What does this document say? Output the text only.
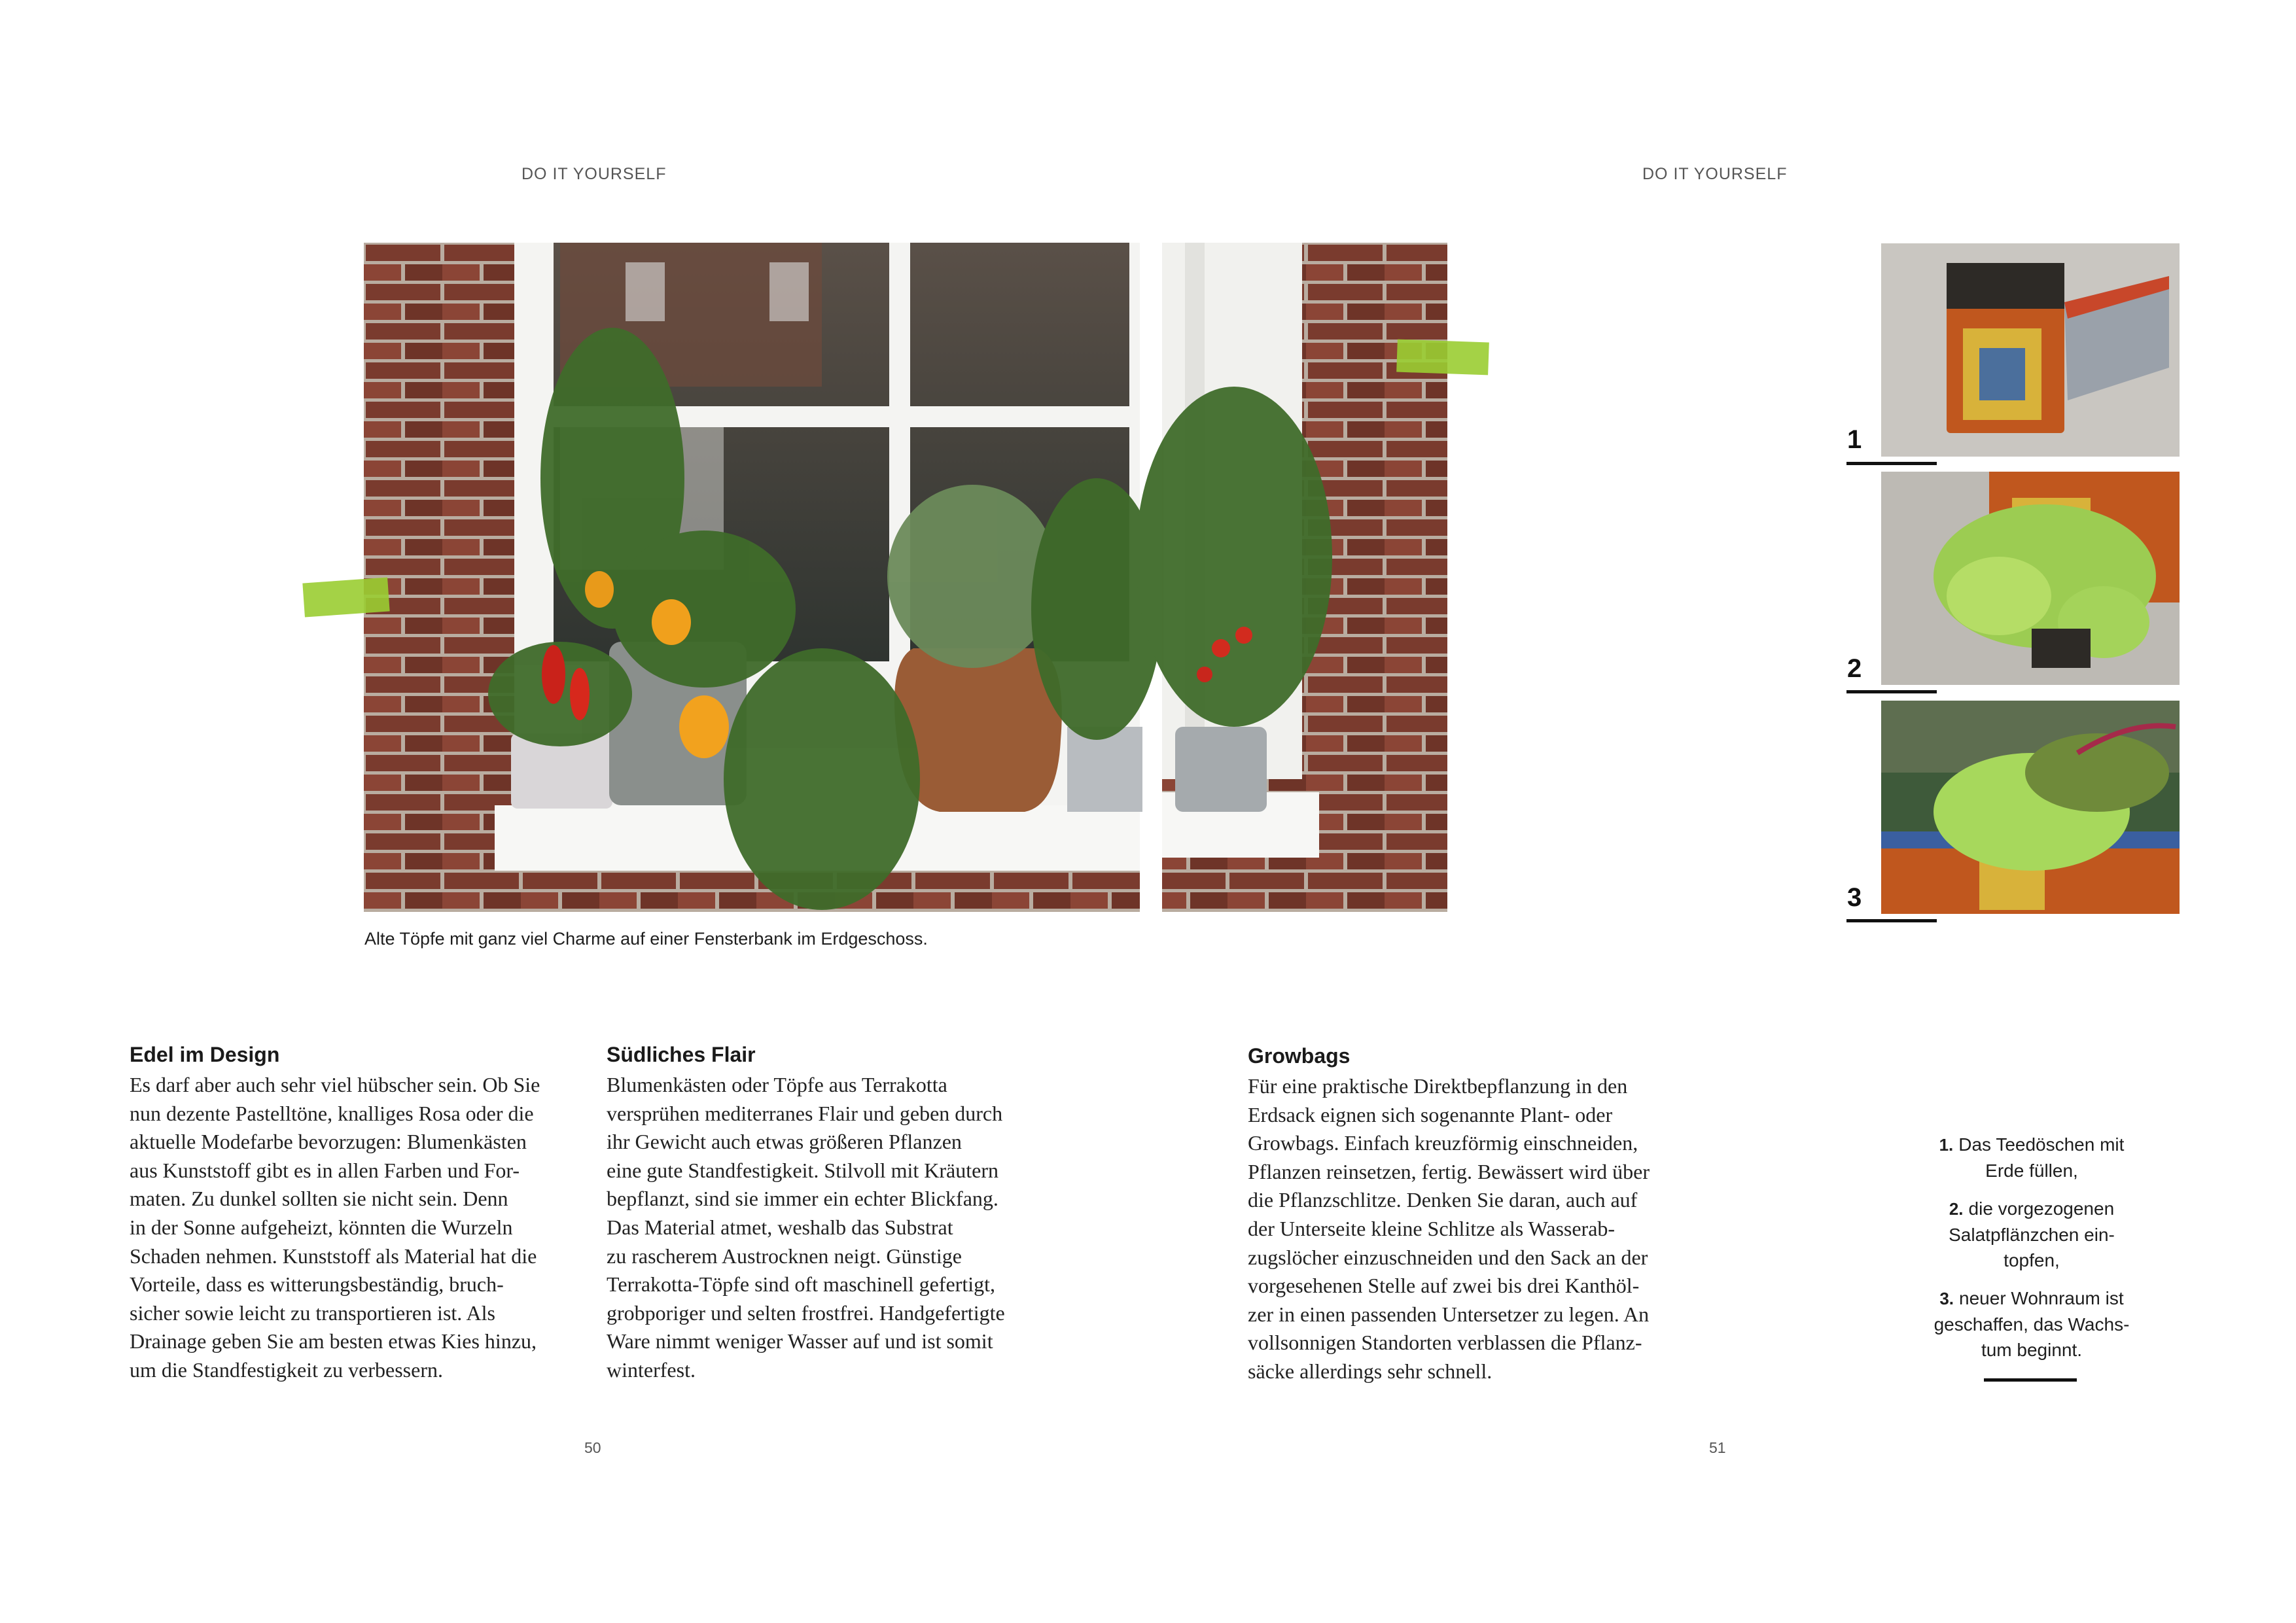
DO IT YOURSELF
Alte Töpfe mit ganz viel Charme auf einer Fensterbank im Erdgeschoss.
Edel im Design
Es darf aber auch sehr viel hübscher sein. Ob Sie
nun dezente Pastelltöne, knalliges Rosa oder die
aktuelle Modefarbe bevorzugen: Blumenkästen
aus Kunststoff gibt es in allen Farben und For-
maten. Zu dunkel sollten sie nicht sein. Denn
in der Sonne aufgeheizt, könnten die Wurzeln
Schaden nehmen. Kunststoff als Material hat die
Vorteile, dass es witterungsbeständig, bruch-
sicher sowie leicht zu transportieren ist. Als
Drainage geben Sie am besten etwas Kies hinzu,
um die Standfestigkeit zu verbessern.
Südliches Flair
Blumenkästen oder Töpfe aus Terrakotta
versprühen mediterranes Flair und geben durch
ihr Gewicht auch etwas größeren Pflanzen
eine gute Standfestigkeit. Stilvoll mit Kräutern
bepflanzt, sind sie immer ein echter Blickfang.
Das Material atmet, weshalb das Substrat
zu rascherem Austrocknen neigt. Günstige
Terrakotta-Töpfe sind oft maschinell gefertigt,
grobporiger und selten frostfrei. Handgefertigte
Ware nimmt weniger Wasser auf und ist somit
winterfest.
50
DO IT YOURSELF
Growbags
Für eine praktische Direktbepflanzung in den
Erdsack eignen sich sogenannte Plant- oder
Growbags. Einfach kreuzförmig einschneiden,
Pflanzen reinsetzen, fertig. Bewässert wird über
die Pflanzschlitze. Denken Sie daran, auch auf
der Unterseite kleine Schlitze als Wasserab-
zugslöcher einzuschneiden und den Sack an der
vorgesehenen Stelle auf zwei bis drei Kanthöl-
zer in einen passenden Untersetzer zu legen. An
vollsonnigen Standorten verblassen die Pflanz-
säcke allerdings sehr schnell.
1
2
3

1. Das Teedöschen mit
Erde füllen,

2. die vorgezogenen
Salatpflänzchen ein-
topfen,

3. neuer Wohnraum ist
geschaffen, das Wachs-
tum beginnt.

51
